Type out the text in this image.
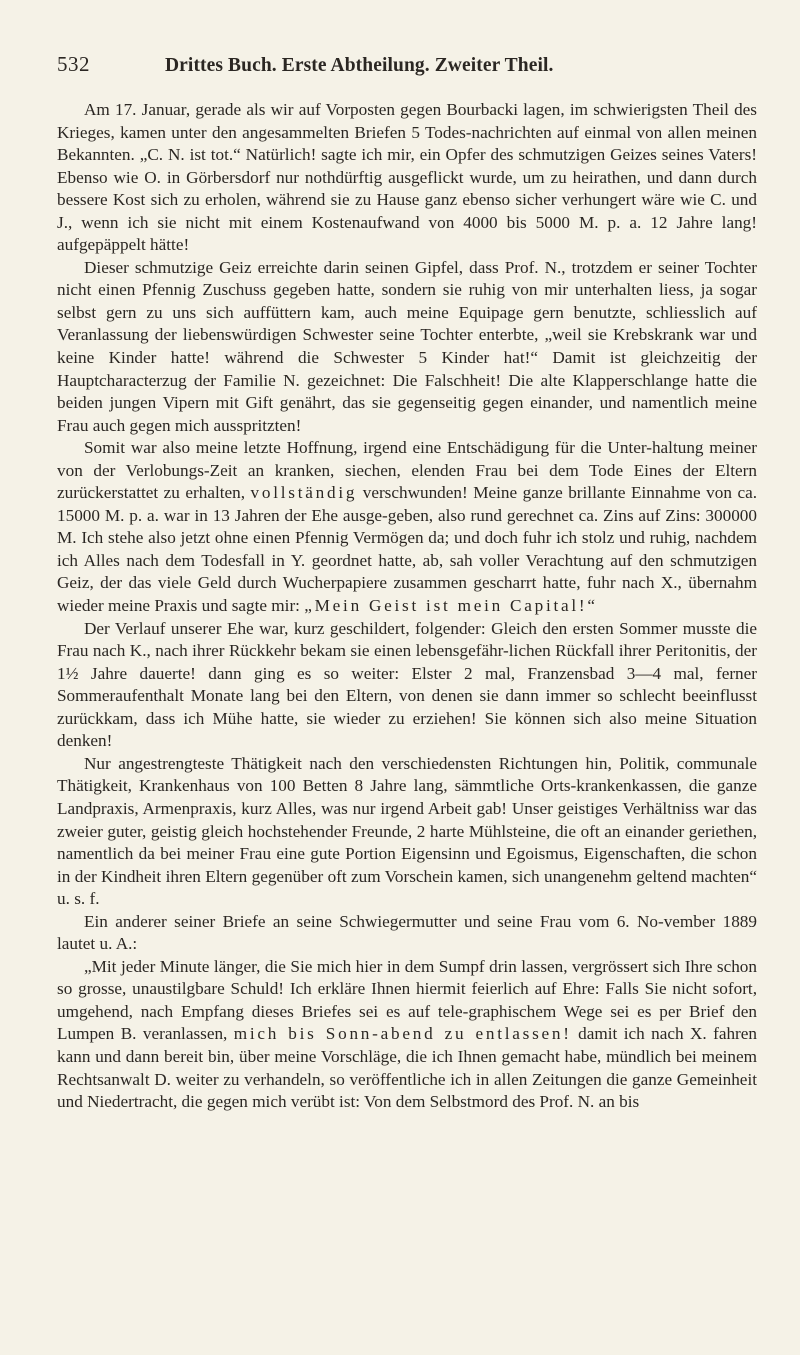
532	Drittes Buch. Erste Abtheilung. Zweiter Theil.

Am 17. Januar, gerade als wir auf Vorposten gegen Bourbacki lagen, im schwierigsten Theil des Krieges, kamen unter den angesammelten Briefen 5 Todes-nachrichten auf einmal von allen meinen Bekannten. „C. N. ist tot.“ Natürlich! sagte ich mir, ein Opfer des schmutzigen Geizes seines Vaters! Ebenso wie O. in Görbersdorf nur nothdürftig ausgeflickt wurde, um zu heirathen, und dann durch bessere Kost sich zu erholen, während sie zu Hause ganz ebenso sicher verhungert wäre wie C. und J., wenn ich sie nicht mit einem Kostenaufwand von 4000 bis 5000 M. p. a. 12 Jahre lang! aufgepäppelt hätte!

Dieser schmutzige Geiz erreichte darin seinen Gipfel, dass Prof. N., trotzdem er seiner Tochter nicht einen Pfennig Zuschuss gegeben hatte, sondern sie ruhig von mir unterhalten liess, ja sogar selbst gern zu uns sich auffüttern kam, auch meine Equipage gern benutzte, schliesslich auf Veranlassung der liebenswürdigen Schwester seine Tochter enterbte, „weil sie Krebskrank war und keine Kinder hatte! während die Schwester 5 Kinder hat!“ Damit ist gleichzeitig der Hauptcharacterzug der Familie N. gezeichnet: Die Falschheit! Die alte Klapperschlange hatte die beiden jungen Vipern mit Gift genährt, das sie gegenseitig gegen einander, und namentlich meine Frau auch gegen mich ausspritzten!

Somit war also meine letzte Hoffnung, irgend eine Entschädigung für die Unter-haltung meiner von der Verlobungs-Zeit an kranken, siechen, elenden Frau bei dem Tode Eines der Eltern zurückerstattet zu erhalten, vollständig verschwunden! Meine ganze brillante Einnahme von ca. 15000 M. p. a. war in 13 Jahren der Ehe ausge-geben, also rund gerechnet ca. Zins auf Zins: 300000 M. Ich stehe also jetzt ohne einen Pfennig Vermögen da; und doch fuhr ich stolz und ruhig, nachdem ich Alles nach dem Todesfall in Y. geordnet hatte, ab, sah voller Verachtung auf den schmutzigen Geiz, der das viele Geld durch Wucherpapiere zusammen gescharrt hatte, fuhr nach X., übernahm wieder meine Praxis und sagte mir: „Mein Geist ist mein Capital!“

Der Verlauf unserer Ehe war, kurz geschildert, folgender: Gleich den ersten Sommer musste die Frau nach K., nach ihrer Rückkehr bekam sie einen lebensgefähr-lichen Rückfall ihrer Peritonitis, der 1½ Jahre dauerte! dann ging es so weiter: Elster 2 mal, Franzensbad 3—4 mal, ferner Sommeraufenthalt Monate lang bei den Eltern, von denen sie dann immer so schlecht beeinflusst zurückkam, dass ich Mühe hatte, sie wieder zu erziehen! Sie können sich also meine Situation denken!

Nur angestrengteste Thätigkeit nach den verschiedensten Richtungen hin, Politik, communale Thätigkeit, Krankenhaus von 100 Betten 8 Jahre lang, sämmtliche Orts-krankenkassen, die ganze Landpraxis, Armenpraxis, kurz Alles, was nur irgend Arbeit gab! Unser geistiges Verhältniss war das zweier guter, geistig gleich hochstehender Freunde, 2 harte Mühlsteine, die oft an einander geriethen, namentlich da bei meiner Frau eine gute Portion Eigensinn und Egoismus, Eigenschaften, die schon in der Kindheit ihren Eltern gegenüber oft zum Vorschein kamen, sich unangenehm geltend machten“ u. s. f.

Ein anderer seiner Briefe an seine Schwiegermutter und seine Frau vom 6. No-vember 1889 lautet u. A.:

„Mit jeder Minute länger, die Sie mich hier in dem Sumpf drin lassen, vergrössert sich Ihre schon so grosse, unaustilgbare Schuld! Ich erkläre Ihnen hiermit feierlich auf Ehre: Falls Sie nicht sofort, umgehend, nach Empfang dieses Briefes sei es auf tele-graphischem Wege sei es per Brief den Lumpen B. veranlassen, mich bis Sonn-abend zu entlassen! damit ich nach X. fahren kann und dann bereit bin, über meine Vorschläge, die ich Ihnen gemacht habe, mündlich bei meinem Rechtsanwalt D. weiter zu verhandeln, so veröffentliche ich in allen Zeitungen die ganze Gemeinheit und Niedertracht, die gegen mich verübt ist: Von dem Selbstmord des Prof. N. an bis
